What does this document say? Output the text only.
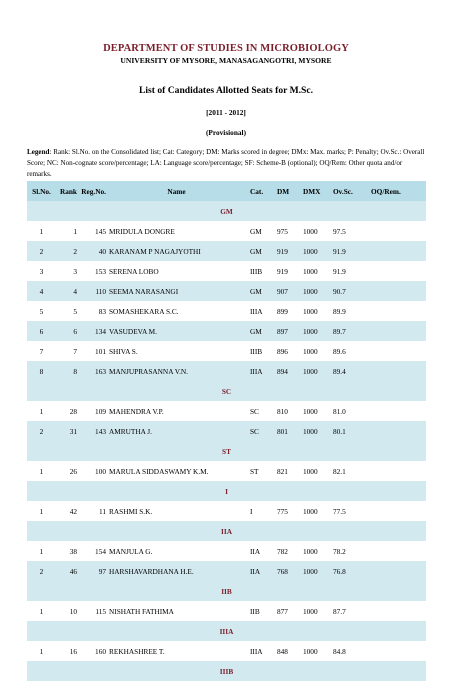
DEPARTMENT OF STUDIES IN MICROBIOLOGY
UNIVERSITY OF MYSORE, MANASAGANGOTRI, MYSORE
List of Candidates Allotted Seats for M.Sc.
[2011 - 2012]
(Provisional)
Legend: Rank: Sl.No. on the Consolidated list; Cat: Category; DM: Marks scored in degree; DMx: Max. marks; P: Penalty; Ov.Sc.: Overall Score; NC: Non-cognate score/percentage; LA: Language score/percentage; SF: Scheme-B (optional); OQ/Rem: Other quota and/or remarks.
Sl.No.	Rank	Reg.No.	Name	Cat.	DM	DMX	Ov.Sc.	OQ/Rem.
GM								
1	1	145	MRIDULA DONGRE	GM	975	1000	97.5	
2	2	40	KARANAM P NAGAJYOTHI	GM	919	1000	91.9	
3	3	153	SERENA LOBO	IIIB	919	1000	91.9	
4	4	110	SEEMA NARASANGI	GM	907	1000	90.7	
5	5	83	SOMASHEKARA S.C.	IIIA	899	1000	89.9	
6	6	134	VASUDEVA M.	GM	897	1000	89.7	
7	7	101	SHIVA S.	IIIB	896	1000	89.6	
8	8	163	MANJUPRASANNA V.N.	IIIA	894	1000	89.4	
SC								
1	28	109	MAHENDRA V.P.	SC	810	1000	81.0	
2	31	143	AMRUTHA J.	SC	801	1000	80.1	
ST								
1	26	100	MARULA SIDDASWAMY K.M.	ST	821	1000	82.1	
I								
1	42	11	RASHMI S.K.	I	775	1000	77.5	
IIA								
1	38	154	MANJULA G.	IIA	782	1000	78.2	
2	46	97	HARSHAVARDHANA H.E.	IIA	768	1000	76.8	
IIB								
1	10	115	NISHATH FATHIMA	IIB	877	1000	87.7	
IIIA								
1	16	160	REKHASHREE T.	IIIA	848	1000	84.8	
IIIB								
